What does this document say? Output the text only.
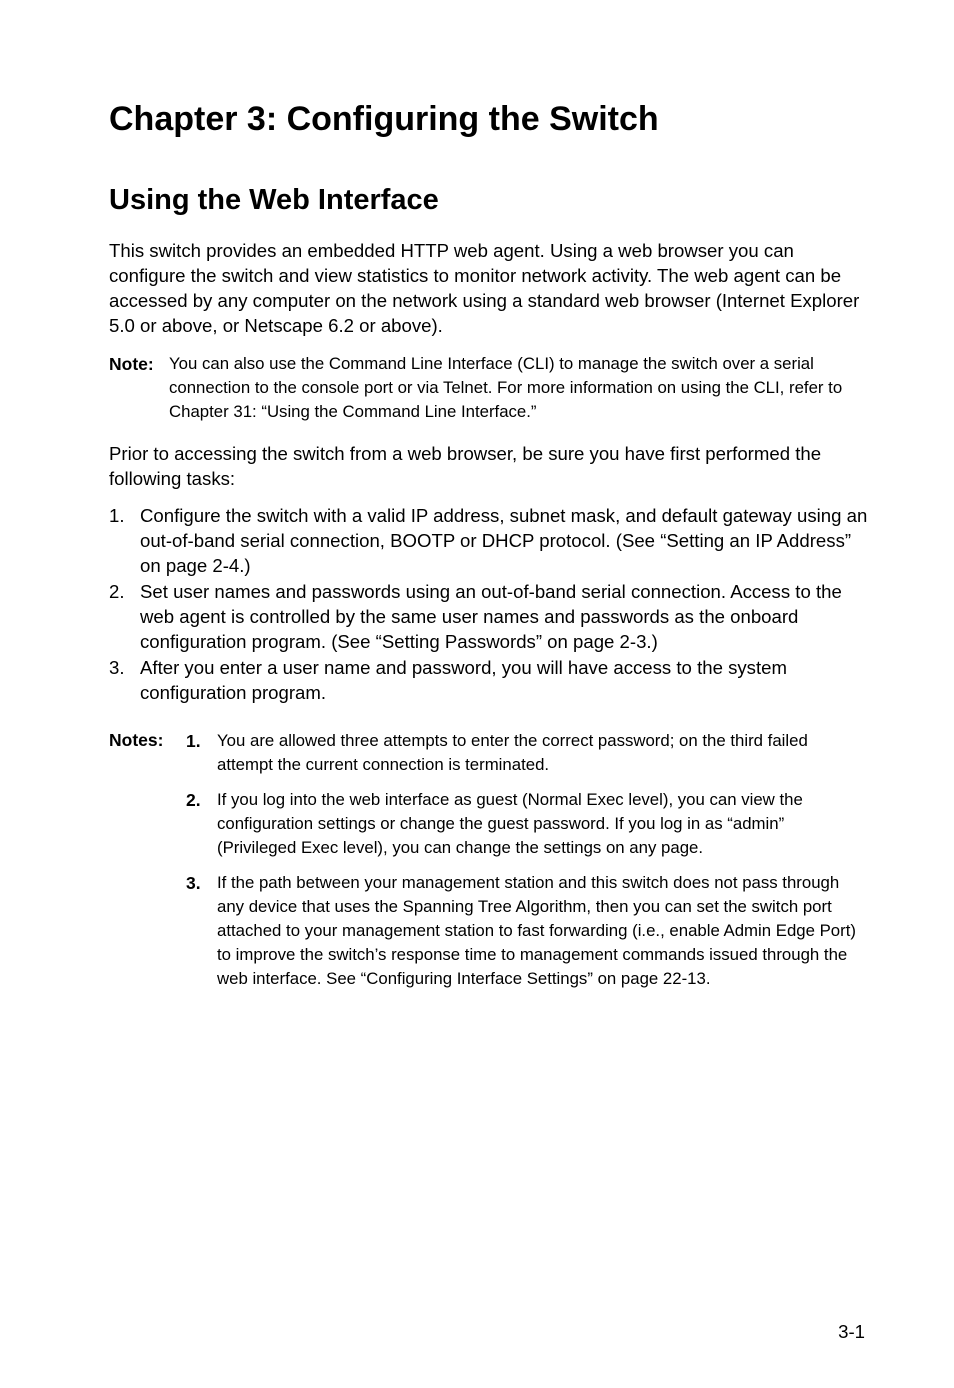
Chapter 3: Configuring the Switch
Using the Web Interface

This switch provides an embedded HTTP web agent. Using a web browser you can configure the switch and view statistics to monitor network activity. The web agent can be accessed by any computer on the network using a standard web browser (Internet Explorer 5.0 or above, or Netscape 6.2 or above).

Note: You can also use the Command Line Interface (CLI) to manage the switch over a serial connection to the console port or via Telnet. For more information on using the CLI, refer to Chapter 31: “Using the Command Line Interface.”

Prior to accessing the switch from a web browser, be sure you have first performed the following tasks:

1. Configure the switch with a valid IP address, subnet mask, and default gateway using an out-of-band serial connection, BOOTP or DHCP protocol. (See “Setting an IP Address” on page 2-4.)
2. Set user names and passwords using an out-of-band serial connection. Access to the web agent is controlled by the same user names and passwords as the onboard configuration program. (See “Setting Passwords” on page 2-3.)
3. After you enter a user name and password, you will have access to the system configuration program.
Notes: 1. You are allowed three attempts to enter the correct password; on the third failed attempt the current connection is terminated.
2. If you log into the web interface as guest (Normal Exec level), you can view the configuration settings or change the guest password. If you log in as “admin” (Privileged Exec level), you can change the settings on any page.
3. If the path between your management station and this switch does not pass through any device that uses the Spanning Tree Algorithm, then you can set the switch port attached to your management station to fast forwarding (i.e., enable Admin Edge Port) to improve the switch’s response time to management commands issued through the web interface. See “Configuring Interface Settings” on page 22-13.
3-1
